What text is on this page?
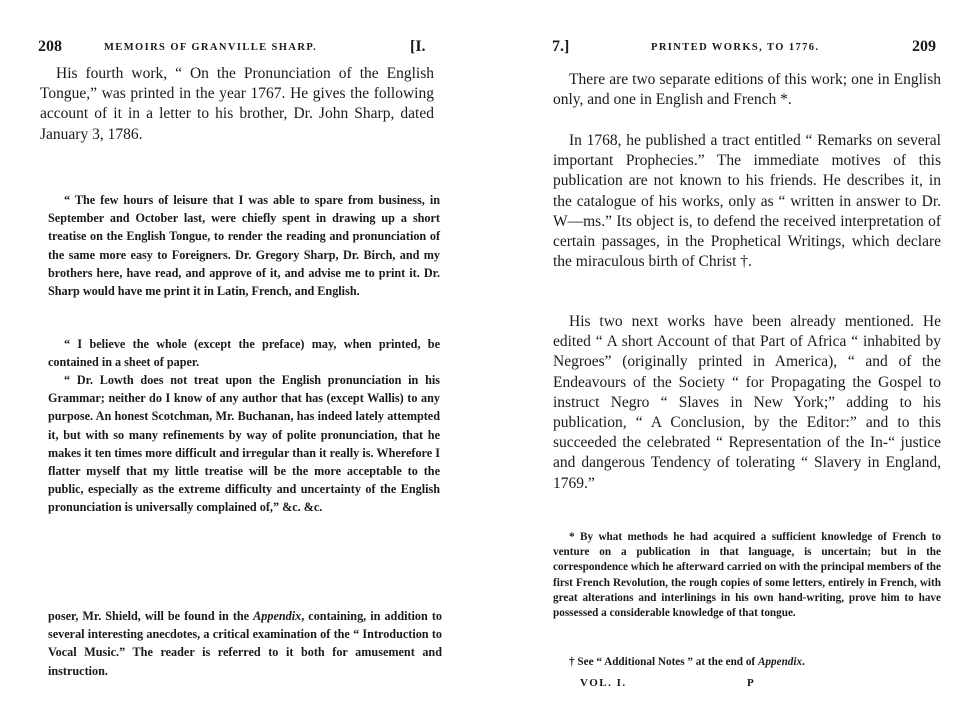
208	MEMOIRS OF GRANVILLE SHARP.	[I.

His fourth work, “ On the Pronunciation of the English Tongue,” was printed in the year 1767. He gives the following account of it in a letter to his brother, Dr. John Sharp, dated January 3, 1786.

“ The few hours of leisure that I was able to spare from business, in September and October last, were chiefly spent in drawing up a short treatise on the English Tongue, to render the reading and pronunciation of the same more easy to Foreigners. Dr. Gregory Sharp, Dr. Birch, and my brothers here, have read, and approve of it, and advise me to print it. Dr. Sharp would have me print it in Latin, French, and English.

“ I believe the whole (except the preface) may, when printed, be contained in a sheet of paper.

“ Dr. Lowth does not treat upon the English pronunciation in his Grammar; neither do I know of any author that has (except Wallis) to any purpose. An honest Scotchman, Mr. Buchanan, has indeed lately attempted it, but with so many refinements by way of polite pronunciation, that he makes it ten times more difficult and irregular than it really is. Wherefore I flatter myself that my little treatise will be the more acceptable to the public, especially as the extreme difficulty and uncertainty of the English pronunciation is universally complained of,” &c. &c.

poser, Mr. Shield, will be found in the Appendix, containing, in addition to several interesting anecdotes, a critical examination of the “ Introduction to Vocal Music.” The reader is referred to it both for amusement and instruction.

7.]	PRINTED WORKS, TO 1776.	209

There are two separate editions of this work; one in English only, and one in English and French *.

In 1768, he published a tract entitled “ Remarks on several important Prophecies.” The immediate motives of this publication are not known to his friends. He describes it, in the catalogue of his works, only as “ written in answer to Dr. W—ms.” Its object is, to defend the received interpretation of certain passages, in the Prophetical Writings, which declare the miraculous birth of Christ †.

His two next works have been already mentioned. He edited “ A short Account of that Part of Africa “ inhabited by Negroes” (originally printed in America), “ and of the Endeavours of the Society “ for Propagating the Gospel to instruct Negro “ Slaves in New York;” adding to his publication, “ A Conclusion, by the Editor:” and to this succeeded the celebrated “ Representation of the In-“ justice and dangerous Tendency of tolerating “ Slavery in England, 1769.”

* By what methods he had acquired a sufficient knowledge of French to venture on a publication in that language, is uncertain; but in the correspondence which he afterward carried on with the principal members of the first French Revolution, the rough copies of some letters, entirely in French, with great alterations and interlinings in his own hand-writing, prove him to have possessed a considerable knowledge of that tongue.

† See “ Additional Notes ” at the end of Appendix.

VOL. I.	P
